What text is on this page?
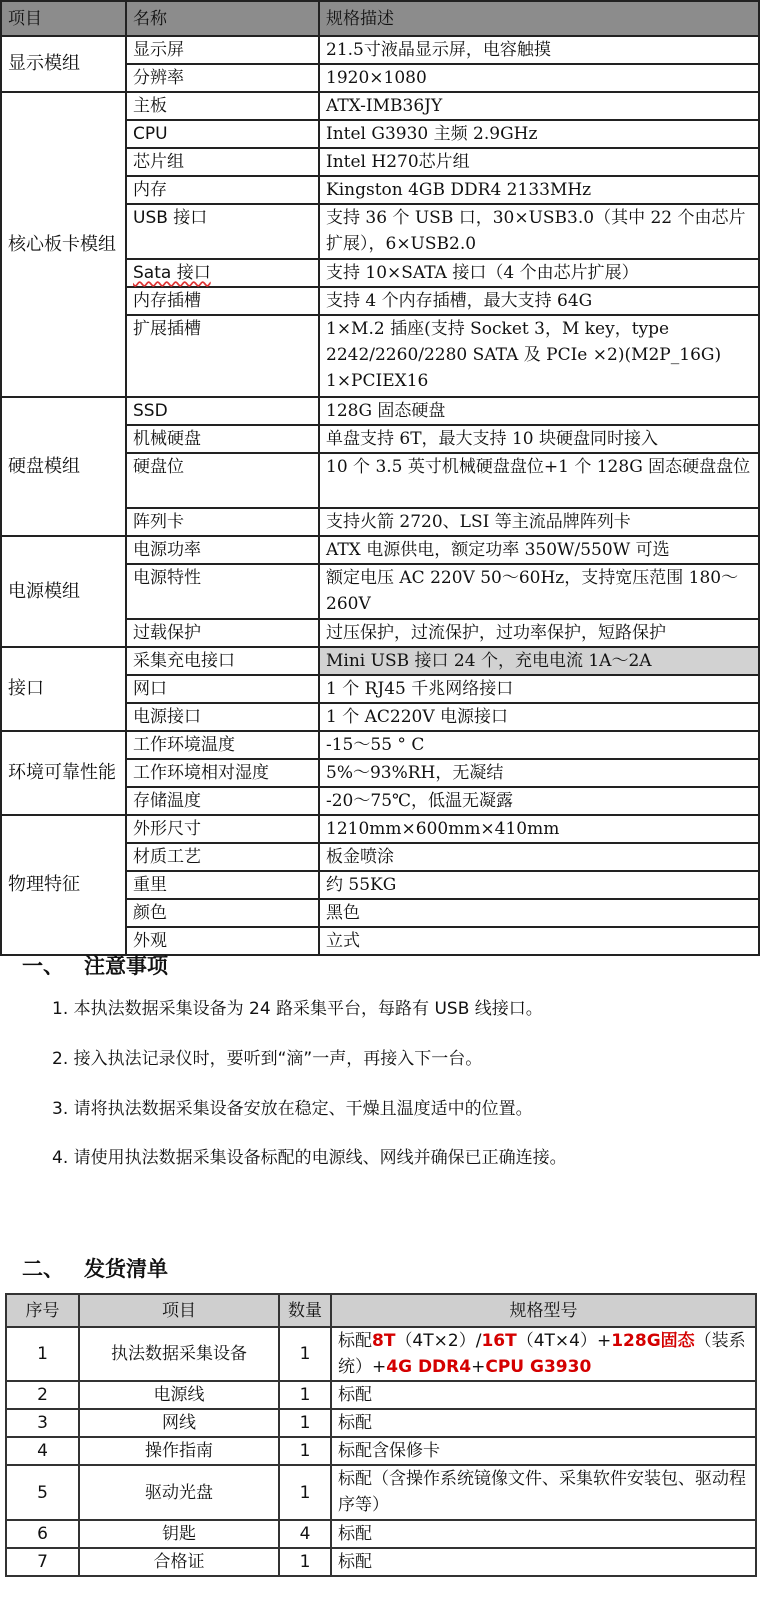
项目	名称	规格描述
显示模组	显示屏	21.5寸液晶显示屏，电容触摸
	分辨率	1920×1080
核心板卡模组	主板	ATX-IMB36JY
	CPU	Intel G3930 主频 2.9GHz
	芯片组	Intel H270芯片组
	内存	Kingston 4GB DDR4 2133MHz
	USB 接口	支持 36 个 USB 口，30×USB3.0（其中 22 个由芯片扩展），6×USB2.0
	Sata 接口	支持 10×SATA 接口（4 个由芯片扩展）
	内存插槽	支持 4 个内存插槽，最大支持 64G
	扩展插槽	1×M.2 插座(支持 Socket 3，M key，type 2242/2260/2280 SATA 及 PCIe ×2)(M2P_16G) 1×PCIEX16
硬盘模组	SSD	128G 固态硬盘
	机械硬盘	单盘支持 6T，最大支持 10 块硬盘同时接入
	硬盘位	10 个 3.5 英寸机械硬盘盘位+1 个 128G 固态硬盘盘位
	阵列卡	支持火箭 2720、LSI 等主流品牌阵列卡
电源模组	电源功率	ATX 电源供电，额定功率 350W/550W 可选
	电源特性	额定电压 AC 220V 50～60Hz，支持宽压范围 180～260V
	过载保护	过压保护，过流保护，过功率保护，短路保护
接口	采集充电接口	Mini USB 接口 24 个，充电电流 1A～2A
	网口	1 个 RJ45 千兆网络接口
	电源接口	1 个 AC220V 电源接口
环境可靠性能	工作环境温度	-15～55 ° C
	工作环境相对湿度	5%～93%RH，无凝结
	存储温度	-20～75℃，低温无凝露
物理特征	外形尺寸	1210mm×600mm×410mm
	材质工艺	板金喷涂
	重里	约 55KG
	颜色	黑色
	外观	立式
一、 注意事项
1. 本执法数据采集设备为 24 路采集平台，每路有 USB 线接口。
2. 接入执法记录仪时，要听到“滴”一声，再接入下一台。
3. 请将执法数据采集设备安放在稳定、干燥且温度适中的位置。
4. 请使用执法数据采集设备标配的电源线、网线并确保已正确连接。
二、 发货清单
序号	项目	数量	规格型号
1	执法数据采集设备	1	标配8T（4T×2）/16T（4T×4）+128G固态（装系统）+4G DDR4+CPU G3930
2	电源线	1	标配
3	网线	1	标配
4	操作指南	1	标配含保修卡
5	驱动光盘	1	标配（含操作系统镜像文件、采集软件安装包、驱动程序等）
6	钥匙	4	标配
7	合格证	1	标配
